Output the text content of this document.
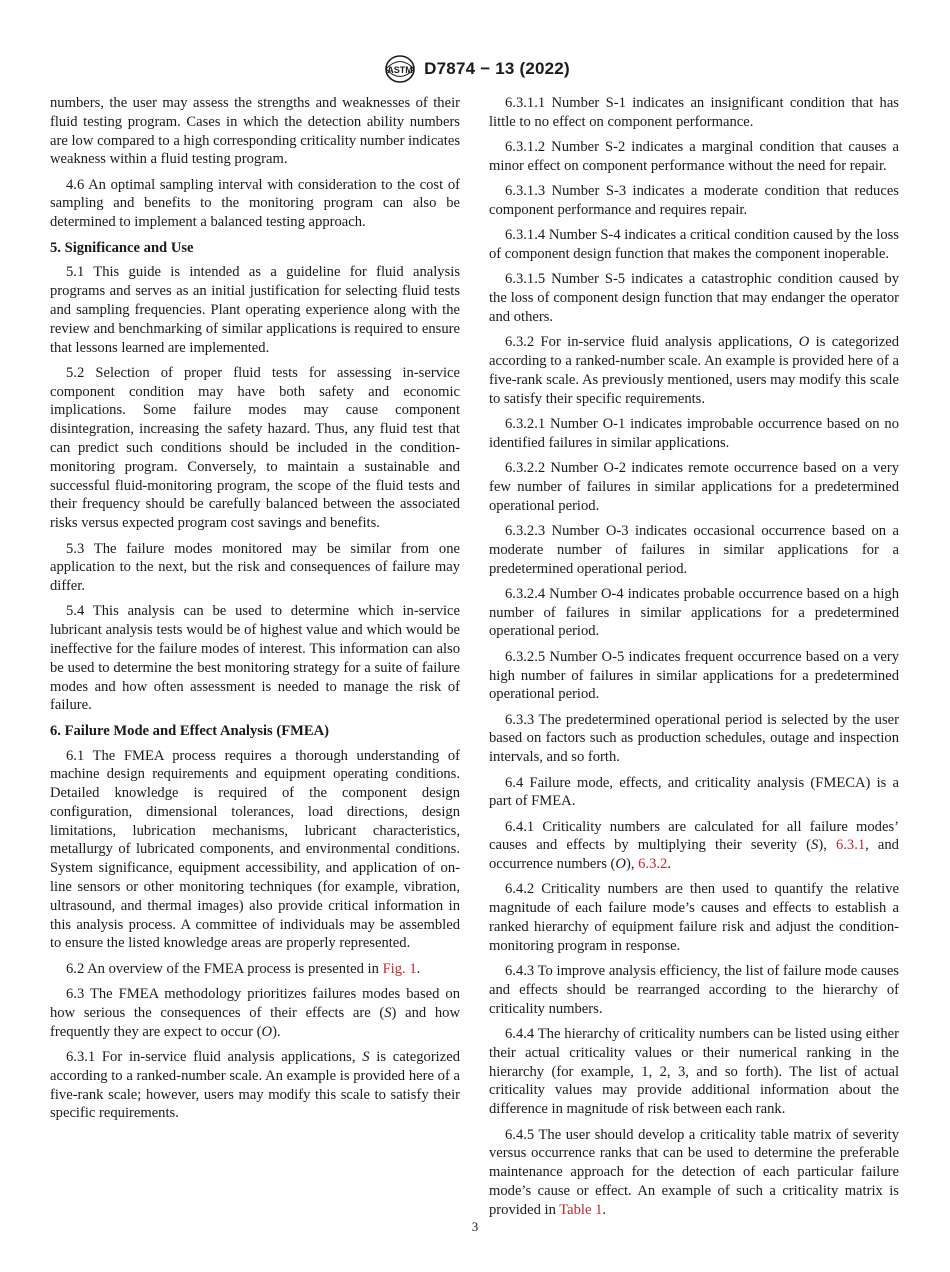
ASTM D7874 − 13 (2022)

numbers, the user may assess the strengths and weaknesses of their fluid testing program. Cases in which the detection ability numbers are low compared to a high corresponding criticality number indicates weakness within a fluid testing program.

4.6 An optimal sampling interval with consideration to the cost of sampling and benefits to the monitoring program can also be determined to implement a balanced testing approach.

5. Significance and Use

5.1 This guide is intended as a guideline for fluid analysis programs and serves as an initial justification for selecting fluid tests and sampling frequencies. Plant operating experience along with the review and benchmarking of similar applications is required to ensure that lessons learned are implemented.

5.2 Selection of proper fluid tests for assessing in-service component condition may have both safety and economic implications. Some failure modes may cause component disintegration, increasing the safety hazard. Thus, any fluid test that can predict such conditions should be included in the condition-monitoring program. Conversely, to maintain a sustainable and successful fluid-monitoring program, the scope of the fluid tests and their frequency should be carefully balanced between the associated risks versus expected program cost savings and benefits.

5.3 The failure modes monitored may be similar from one application to the next, but the risk and consequences of failure may differ.

5.4 This analysis can be used to determine which in-service lubricant analysis tests would be of highest value and which would be ineffective for the failure modes of interest. This information can also be used to determine the best monitoring strategy for a suite of failure modes and how often assessment is needed to manage the risk of failure.

6. Failure Mode and Effect Analysis (FMEA)

6.1 The FMEA process requires a thorough understanding of machine design requirements and equipment operating conditions. Detailed knowledge is required of the component design configuration, dimensional tolerances, load directions, design limitations, lubrication mechanisms, lubricant characteristics, metallurgy of lubricated components, and environmental conditions. System significance, equipment accessibility, and application of on-line sensors or other monitoring techniques (for example, vibration, ultrasound, and thermal images) also provide critical information in this analysis process. A committee of individuals may be assembled to ensure the listed knowledge areas are properly represented.

6.2 An overview of the FMEA process is presented in Fig. 1.

6.3 The FMEA methodology prioritizes failures modes based on how serious the consequences of their effects are (S) and how frequently they are expect to occur (O).

6.3.1 For in-service fluid analysis applications, S is categorized according to a ranked-number scale. An example is provided here of a five-rank scale; however, users may modify this scale to satisfy their specific requirements.

6.3.1.1 Number S-1 indicates an insignificant condition that has little to no effect on component performance.

6.3.1.2 Number S-2 indicates a marginal condition that causes a minor effect on component performance without the need for repair.

6.3.1.3 Number S-3 indicates a moderate condition that reduces component performance and requires repair.

6.3.1.4 Number S-4 indicates a critical condition caused by the loss of component design function that makes the component inoperable.

6.3.1.5 Number S-5 indicates a catastrophic condition caused by the loss of component design function that may endanger the operator and others.

6.3.2 For in-service fluid analysis applications, O is categorized according to a ranked-number scale. An example is provided here of a five-rank scale. As previously mentioned, users may modify this scale to satisfy their specific requirements.

6.3.2.1 Number O-1 indicates improbable occurrence based on no identified failures in similar applications.

6.3.2.2 Number O-2 indicates remote occurrence based on a very few number of failures in similar applications for a predetermined operational period.

6.3.2.3 Number O-3 indicates occasional occurrence based on a moderate number of failures in similar applications for a predetermined operational period.

6.3.2.4 Number O-4 indicates probable occurrence based on a high number of failures in similar applications for a predetermined operational period.

6.3.2.5 Number O-5 indicates frequent occurrence based on a very high number of failures in similar applications for a predetermined operational period.

6.3.3 The predetermined operational period is selected by the user based on factors such as production schedules, outage and inspection intervals, and so forth.

6.4 Failure mode, effects, and criticality analysis (FMECA) is a part of FMEA.

6.4.1 Criticality numbers are calculated for all failure modes’ causes and effects by multiplying their severity (S), 6.3.1, and occurrence numbers (O), 6.3.2.

6.4.2 Criticality numbers are then used to quantify the relative magnitude of each failure mode’s causes and effects to establish a ranked hierarchy of equipment failure risk and adjust the condition-monitoring program in response.

6.4.3 To improve analysis efficiency, the list of failure mode causes and effects should be rearranged according to the hierarchy of criticality numbers.

6.4.4 The hierarchy of criticality numbers can be listed using either their actual criticality values or their numerical ranking in the hierarchy (for example, 1, 2, 3, and so forth). The list of actual criticality values may provide additional information about the difference in magnitude of risk between each rank.

6.4.5 The user should develop a criticality table matrix of severity versus occurrence ranks that can be used to determine the preferable maintenance approach for the detection of each particular failure mode’s cause or effect. An example of such a criticality matrix is provided in Table 1.

3
